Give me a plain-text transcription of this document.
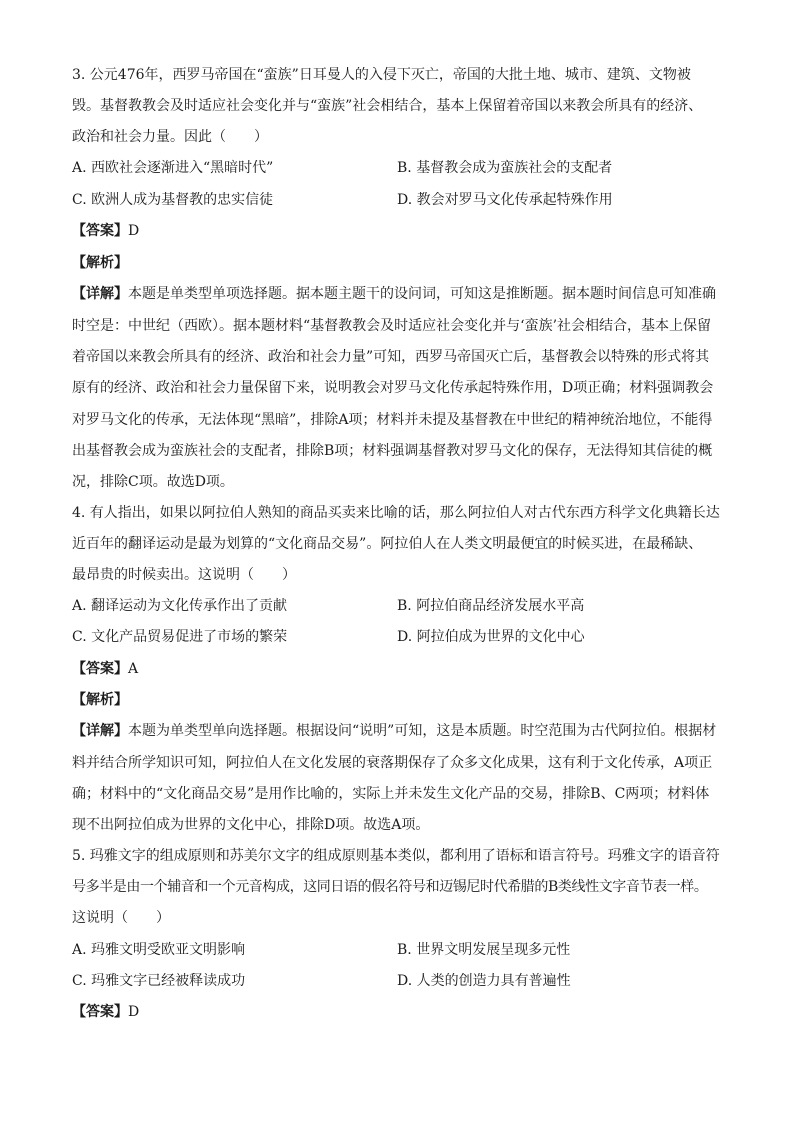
3. 公元476年，西罗马帝国在“蛮族”日耳曼人的入侵下灭亡，帝国的大批土地、城市、建筑、文物被
毁。基督教教会及时适应社会变化并与“蛮族”社会相结合，基本上保留着帝国以来教会所具有的经济、
政治和社会力量。因此（　　）
A. 西欧社会逐渐进入“黑暗时代”	B. 基督教会成为蛮族社会的支配者
C. 欧洲人成为基督教的忠实信徒	D. 教会对罗马文化传承起特殊作用
【答案】D
【解析】
【详解】本题是单类型单项选择题。据本题主题干的设问词，可知这是推断题。据本题时间信息可知准确
时空是：中世纪（西欧）。据本题材料“基督教教会及时适应社会变化并与‘蛮族’社会相结合，基本上保留
着帝国以来教会所具有的经济、政治和社会力量”可知，西罗马帝国灭亡后，基督教会以特殊的形式将其
原有的经济、政治和社会力量保留下来，说明教会对罗马文化传承起特殊作用，D项正确；材料强调教会
对罗马文化的传承，无法体现“黑暗”，排除A项；材料并未提及基督教在中世纪的精神统治地位，不能得
出基督教会成为蛮族社会的支配者，排除B项；材料强调基督教对罗马文化的保存，无法得知其信徒的概
况，排除C项。故选D项。
4. 有人指出，如果以阿拉伯人熟知的商品买卖来比喻的话，那么阿拉伯人对古代东西方科学文化典籍长达
近百年的翻译运动是最为划算的“文化商品交易”。阿拉伯人在人类文明最便宜的时候买进，在最稀缺、
最昂贵的时候卖出。这说明（　　）
A. 翻译运动为文化传承作出了贡献	B. 阿拉伯商品经济发展水平高
C. 文化产品贸易促进了市场的繁荣	D. 阿拉伯成为世界的文化中心
【答案】A
【解析】
【详解】本题为单类型单向选择题。根据设问“说明”可知，这是本质题。时空范围为古代阿拉伯。根据材
料并结合所学知识可知，阿拉伯人在文化发展的衰落期保存了众多文化成果，这有利于文化传承，A项正
确；材料中的“文化商品交易”是用作比喻的，实际上并未发生文化产品的交易，排除B、C两项；材料体
现不出阿拉伯成为世界的文化中心，排除D项。故选A项。
5. 玛雅文字的组成原则和苏美尔文字的组成原则基本类似，都利用了语标和语言符号。玛雅文字的语音符
号多半是由一个辅音和一个元音构成，这同日语的假名符号和迈锡尼时代希腊的B类线性文字音节表一样。
这说明（　　）
A. 玛雅文明受欧亚文明影响	B. 世界文明发展呈现多元性
C. 玛雅文字已经被释读成功	D. 人类的创造力具有普遍性
【答案】D
